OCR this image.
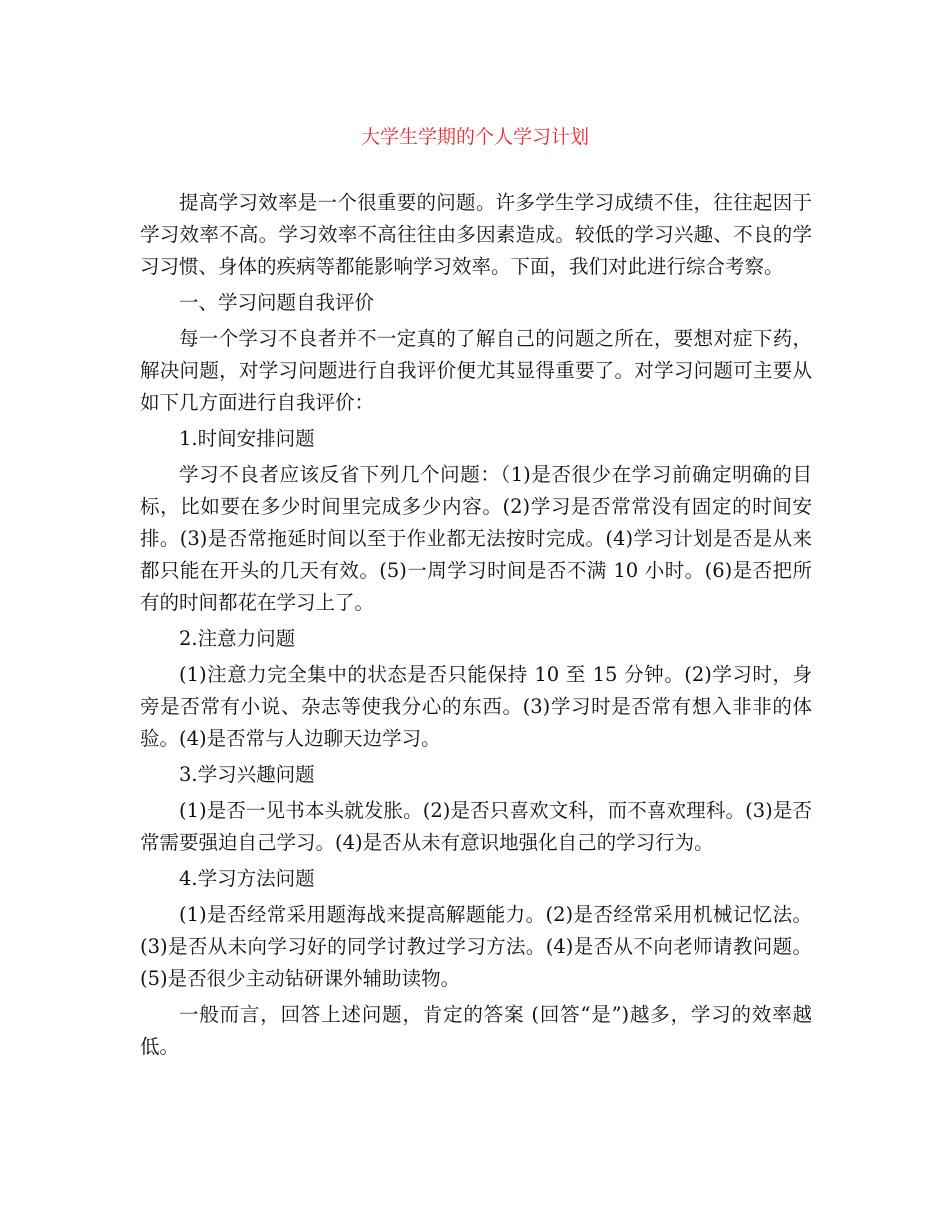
大学生学期的个人学习计划

提高学习效率是一个很重要的问题。许多学生学习成绩不佳，往往起因于学习效率不高。学习效率不高往往由多因素造成。较低的学习兴趣、不良的学习习惯、身体的疾病等都能影响学习效率。下面，我们对此进行综合考察。

一、学习问题自我评价

每一个学习不良者并不一定真的了解自己的问题之所在，要想对症下药，解决问题，对学习问题进行自我评价便尤其显得重要了。对学习问题可主要从如下几方面进行自我评价：

1.时间安排问题

学习不良者应该反省下列几个问题：（1)是否很少在学习前确定明确的目标，比如要在多少时间里完成多少内容。(2)学习是否常常没有固定的时间安排。(3)是否常拖延时间以至于作业都无法按时完成。(4)学习计划是否是从来都只能在开头的几天有效。(5)一周学习时间是否不满 10 小时。(6)是否把所有的时间都花在学习上了。

2.注意力问题

(1)注意力完全集中的状态是否只能保持 10 至 15 分钟。(2)学习时，身旁是否常有小说、杂志等使我分心的东西。(3)学习时是否常有想入非非的体验。(4)是否常与人边聊天边学习。

3.学习兴趣问题

(1)是否一见书本头就发胀。(2)是否只喜欢文科，而不喜欢理科。(3)是否常需要强迫自己学习。(4)是否从未有意识地强化自己的学习行为。

4.学习方法问题

(1)是否经常采用题海战来提高解题能力。(2)是否经常采用机械记忆法。(3)是否从未向学习好的同学讨教过学习方法。(4)是否从不向老师请教问题。(5)是否很少主动钻研课外辅助读物。

一般而言，回答上述问题，肯定的答案 (回答“是”)越多，学习的效率越低。
